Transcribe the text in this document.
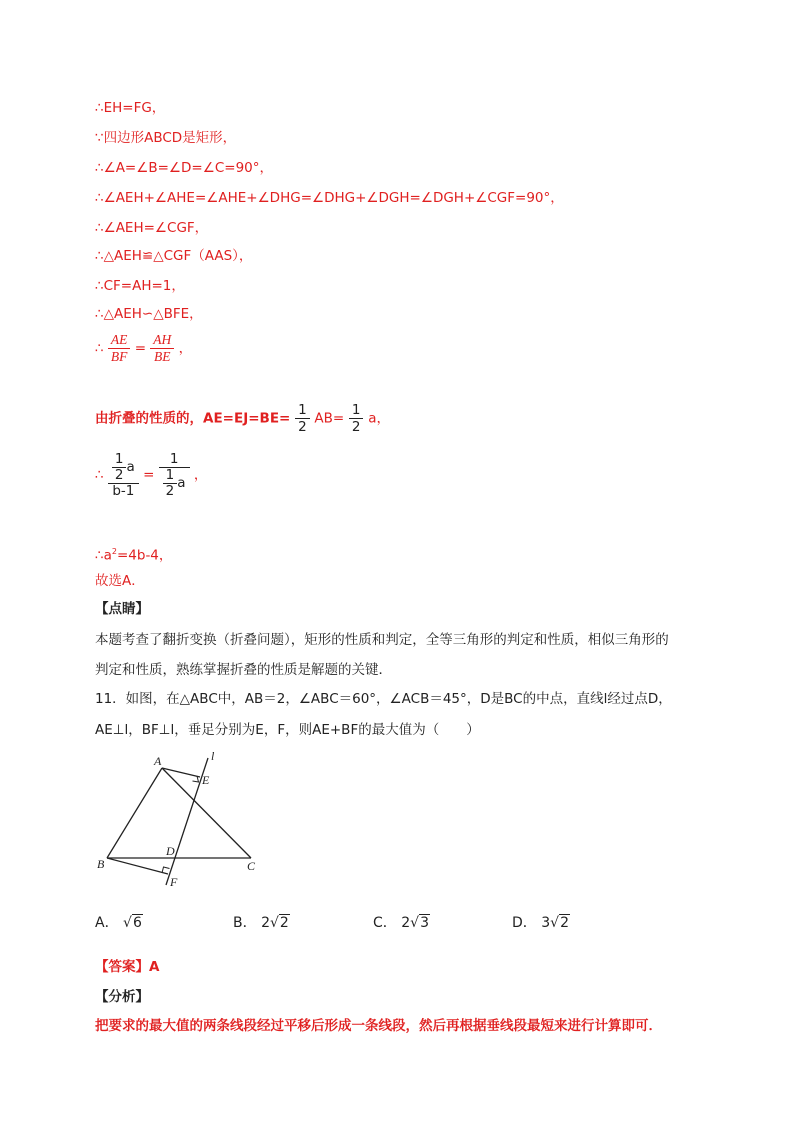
∴EH=FG，
∵四边形ABCD是矩形，
∴∠A=∠B=∠D=∠C=90°，
∴∠AEH+∠AHE=∠AHE+∠DHG=∠DHG+∠DGH=∠DGH+∠CGF=90°，
∴∠AEH=∠CGF，
∴△AEH≌△CGF（AAS），
∴CF=AH=1，
∴△AEH∽△BFE，
∴ $\frac{AE}{BF} = \frac{AH}{BE}$ ，
由折叠的性质的，$AE=EJ=BE= \frac{1}{2} AB= \frac{1}{2}$ a，
∴ $\frac{\frac{1}{2} a}{b-1} = \frac{1}{\frac{1}{2} a}$ ，
$\therefore a^2=4b-4$，
故选A．
【点睛】
本题考查了翻折变换（折叠问题），矩形的性质和判定，全等三角形的判定和性质，相似三角形的
判定和性质，熟练掌握折叠的性质是解题的关键．
11．如图，在△ABC中，AB＝2，∠ABC＝60°，∠ACB＝45°，D是BC的中点，直线l经过点D，
AE⊥l，BF⊥l，垂足分别为E，F，则AE+BF的最大值为（　　）
A
B	C
D
E
F
l
A． √6	B． 2√2	C． 2√3	D． 3√2
【答案】A
【分析】
把要求的最大值的两条线段经过平移后形成一条线段，然后再根据垂线段最短来进行计算即可．
